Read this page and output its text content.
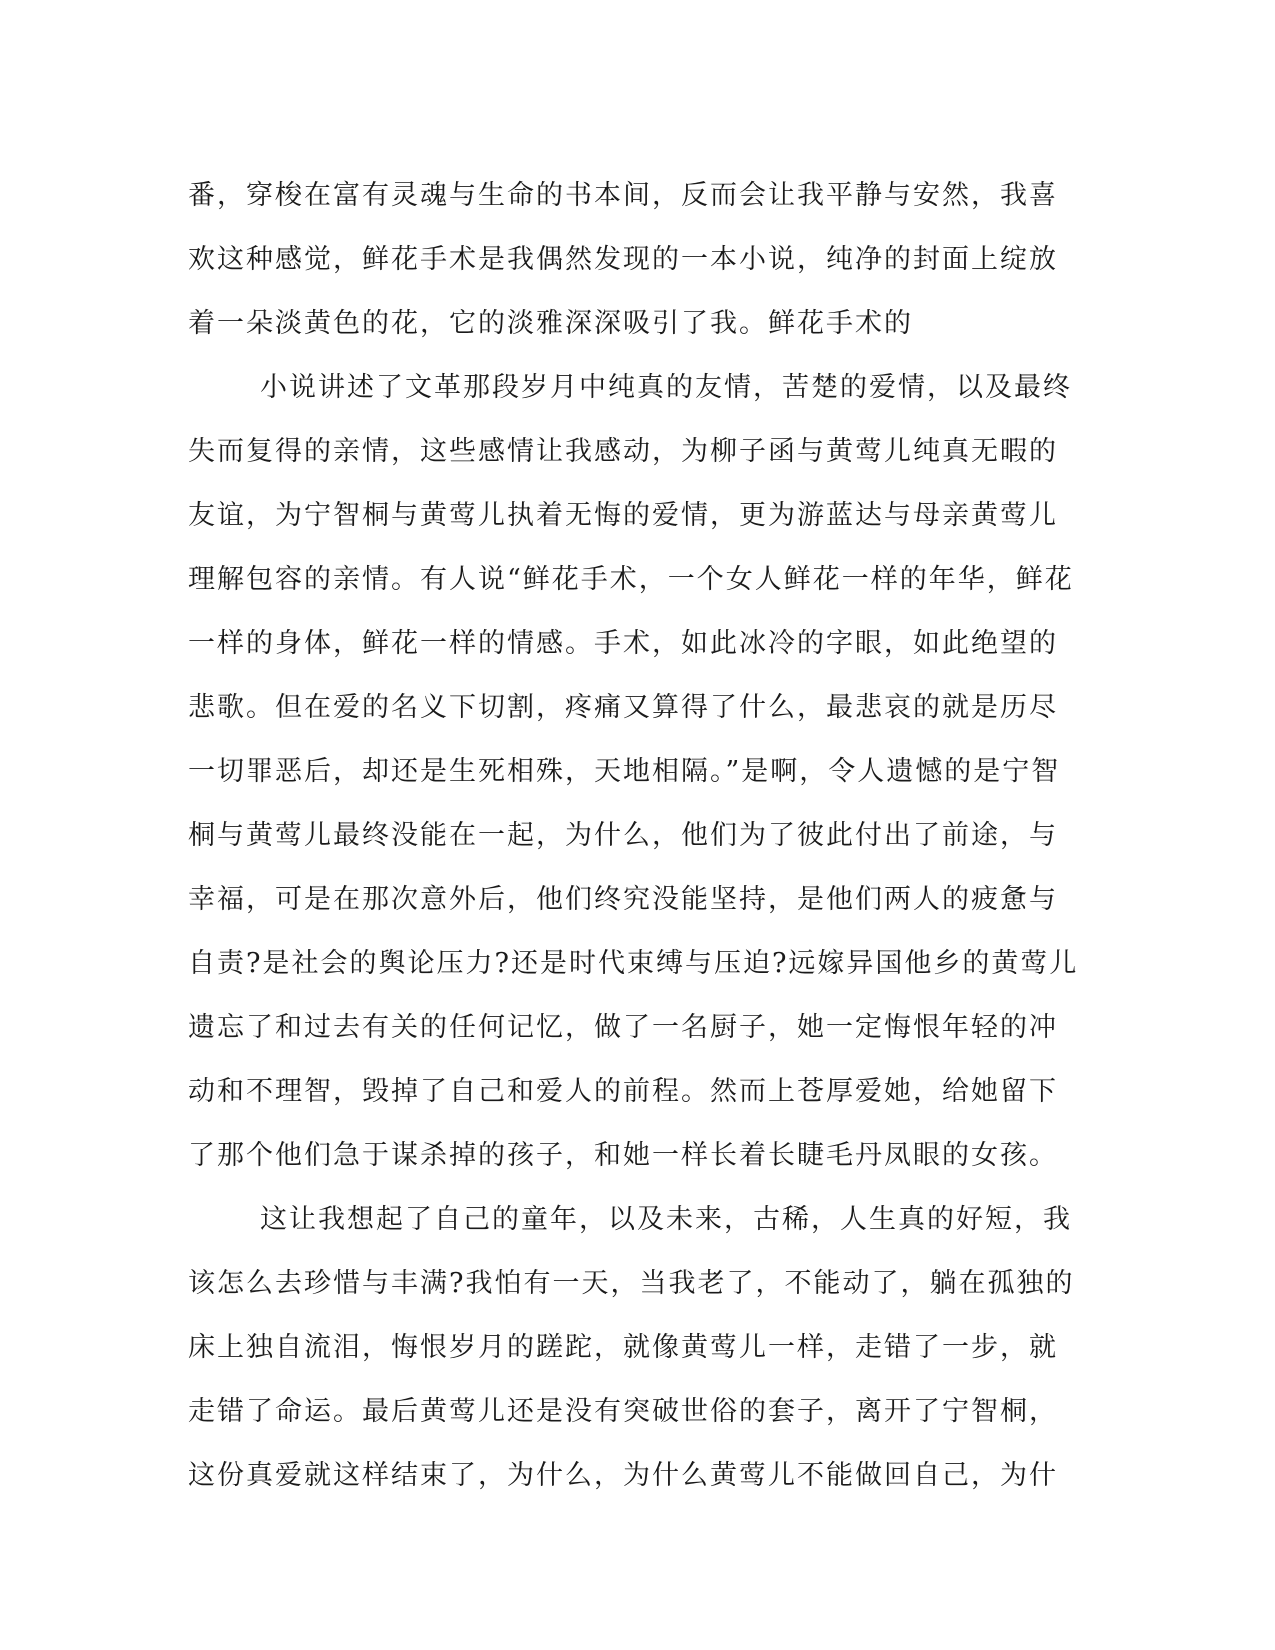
番，穿梭在富有灵魂与生命的书本间，反而会让我平静与安然，我喜
欢这种感觉，鲜花手术是我偶然发现的一本小说，纯净的封面上绽放
着一朵淡黄色的花，它的淡雅深深吸引了我。鲜花手术的
小说讲述了文革那段岁月中纯真的友情，苦楚的爱情，以及最终
失而复得的亲情，这些感情让我感动，为柳子函与黄莺儿纯真无暇的
友谊，为宁智桐与黄莺儿执着无悔的爱情，更为游蓝达与母亲黄莺儿
理解包容的亲情。有人说“鲜花手术，一个女人鲜花一样的年华，鲜花
一样的身体，鲜花一样的情感。手术，如此冰冷的字眼，如此绝望的
悲歌。但在爱的名义下切割，疼痛又算得了什么，最悲哀的就是历尽
一切罪恶后，却还是生死相殊，天地相隔。”是啊，令人遗憾的是宁智
桐与黄莺儿最终没能在一起，为什么，他们为了彼此付出了前途，与
幸福，可是在那次意外后，他们终究没能坚持，是他们两人的疲惫与
自责?是社会的舆论压力?还是时代束缚与压迫?远嫁异国他乡的黄莺儿
遗忘了和过去有关的任何记忆，做了一名厨子，她一定悔恨年轻的冲
动和不理智，毁掉了自己和爱人的前程。然而上苍厚爱她，给她留下
了那个他们急于谋杀掉的孩子，和她一样长着长睫毛丹凤眼的女孩。
这让我想起了自己的童年，以及未来，古稀，人生真的好短，我
该怎么去珍惜与丰满?我怕有一天，当我老了，不能动了，躺在孤独的
床上独自流泪，悔恨岁月的蹉跎，就像黄莺儿一样，走错了一步，就
走错了命运。最后黄莺儿还是没有突破世俗的套子，离开了宁智桐，
这份真爱就这样结束了，为什么，为什么黄莺儿不能做回自己，为什
